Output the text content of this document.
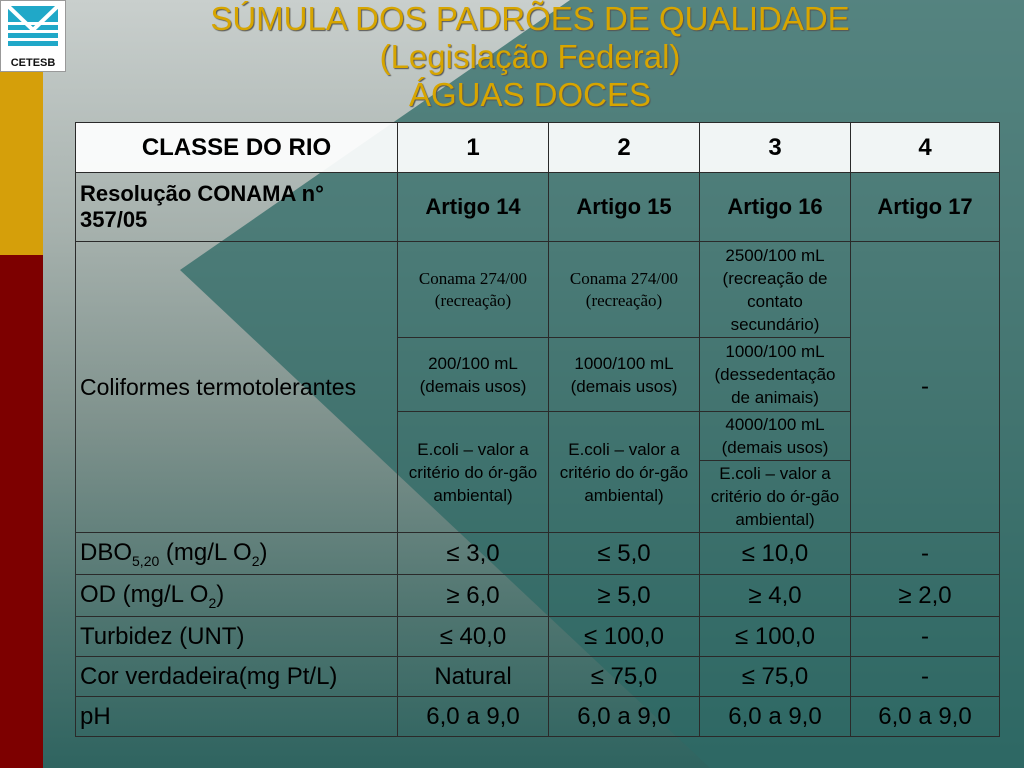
CETESB
SÚMULA DOS PADRÕES DE QUALIDADE
(Legislação Federal)
ÁGUAS DOCES
CLASSE DO RIO	1	2	3	4
Resolução CONAMA n° 357/05	Artigo 14	Artigo 15	Artigo 16	Artigo 17
Coliformes termotolerantes	Conama 274/00 (recreação)	Conama 274/00 (recreação)	2500/100 mL (recreação de contato secundário)	-
	200/100 mL (demais usos)	1000/100 mL (demais usos)	1000/100 mL (dessedentação de animais)	
	E.coli – valor a critério do ór-gão ambiental)	E.coli – valor a critério do ór-gão ambiental)	4000/100 mL (demais usos)	
			E.coli – valor a critério do ór-gão ambiental)	
$DBO_{5,20}$ (mg/L $O_2$)	≤ 3,0	≤ 5,0	≤ 10,0	-
OD (mg/L $O_2$)	≥ 6,0	≥ 5,0	≥ 4,0	≥ 2,0
Turbidez (UNT)	≤ 40,0	≤ 100,0	≤ 100,0	-
Cor verdadeira(mg Pt/L)	Natural	≤ 75,0	≤ 75,0	-
pH	6,0 a 9,0	6,0 a 9,0	6,0 a 9,0	6,0 a 9,0
